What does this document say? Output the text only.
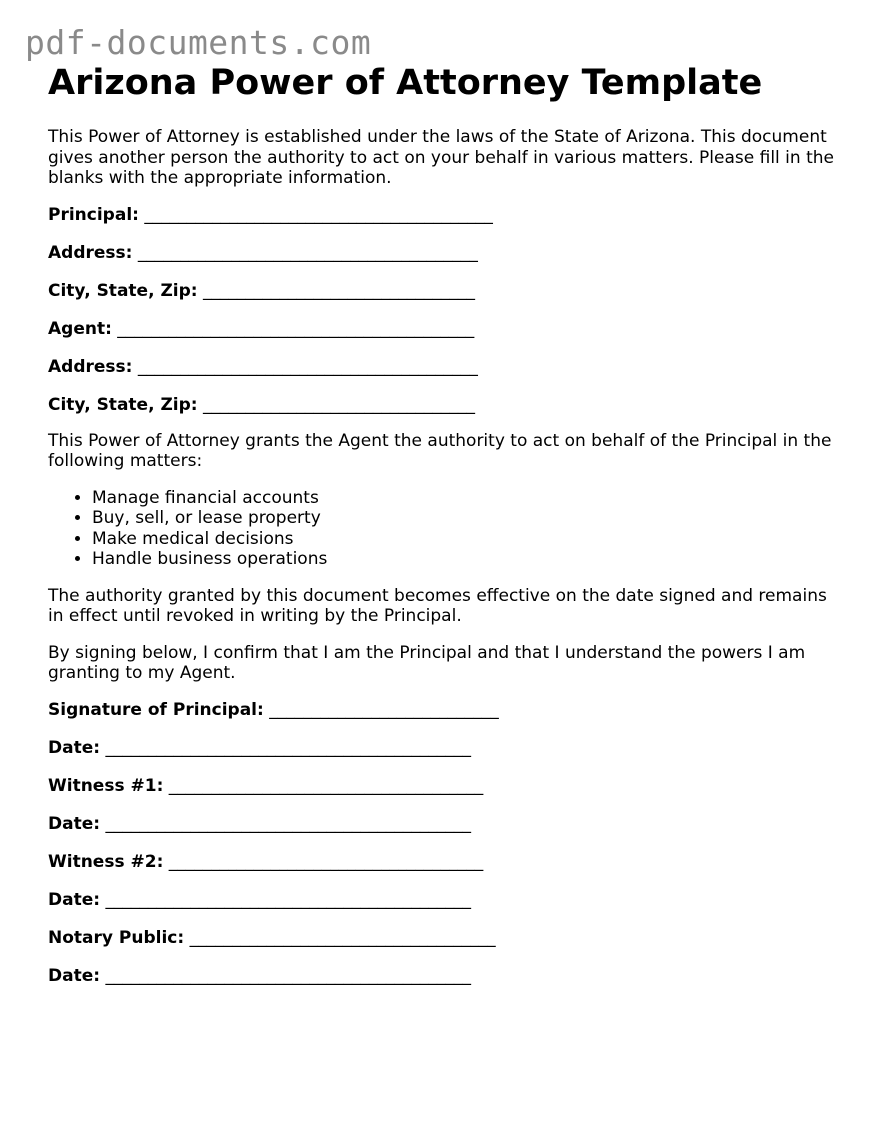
pdf-documents.com
Arizona Power of Attorney Template

This Power of Attorney is established under the laws of the State of Arizona. This document gives another person the authority to act on your behalf in various matters. Please fill in the blanks with the appropriate information.

Principal: _________________________________________
Address: ________________________________________
City, State, Zip: ________________________________
Agent: __________________________________________
Address: ________________________________________
City, State, Zip: ________________________________

This Power of Attorney grants the Agent the authority to act on behalf of the Principal in the following matters:

• Manage financial accounts
• Buy, sell, or lease property
• Make medical decisions
• Handle business operations

The authority granted by this document becomes effective on the date signed and remains in effect until revoked in writing by the Principal.

By signing below, I confirm that I am the Principal and that I understand the powers I am granting to my Agent.

Signature of Principal: ___________________________
Date: ___________________________________________
Witness #1: _____________________________________
Date: ___________________________________________
Witness #2: _____________________________________
Date: ___________________________________________
Notary Public: ____________________________________
Date: ___________________________________________
